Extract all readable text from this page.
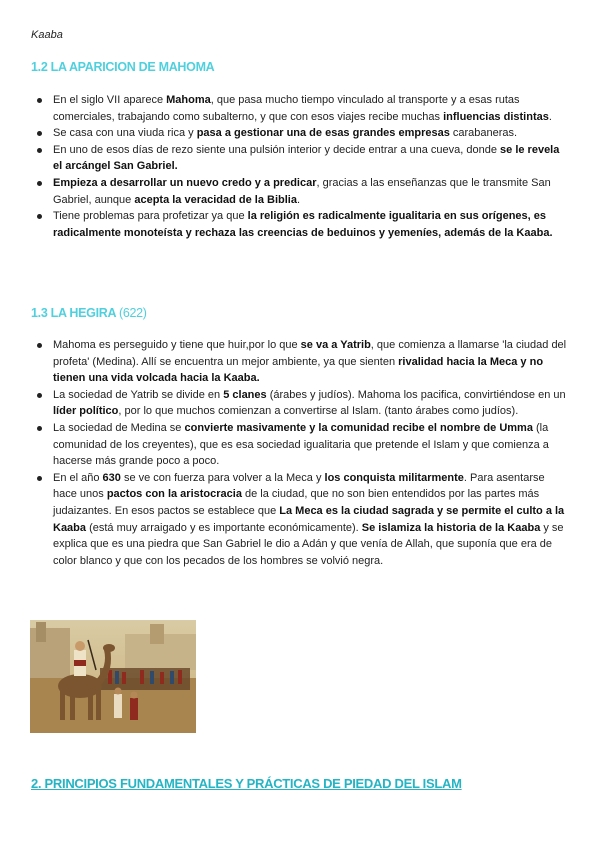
Kaaba
1.2 LA APARICION DE MAHOMA
En el siglo VII aparece Mahoma, que pasa mucho tiempo vinculado al transporte y a esas rutas comerciales, trabajando como subalterno, y que con esos viajes recibe muchas influencias distintas.
Se casa con una viuda rica y pasa a gestionar una de esas grandes empresas carabaneras.
En uno de esos días de rezo siente una pulsión interior y decide entrar a una cueva, donde se le revela el arcángel San Gabriel.
Empieza a desarrollar un nuevo credo y a predicar, gracias a las enseñanzas que le transmite San Gabriel, aunque acepta la veracidad de la Biblia.
Tiene problemas para profetizar ya que la religión es radicalmente igualitaria en sus orígenes, es radicalmente monoteísta y rechaza las creencias de beduinos y yemeníes, además de la Kaaba.
1.3 LA HEGIRA (622)
Mahoma es perseguido y tiene que huir,por lo que se va a Yatrib, que comienza a llamarse 'la ciudad del profeta' (Medina). Allí se encuentra un mejor ambiente, ya que sienten rivalidad hacia la Meca y no tienen una vida volcada hacia la Kaaba.
La sociedad de Yatrib se divide en 5 clanes (árabes y judíos). Mahoma los pacifica, convirtiéndose en un líder político, por lo que muchos comienzan a convertirse al Islam. (tanto árabes como judíos).
La sociedad de Medina se convierte masivamente y la comunidad recibe el nombre de Umma (la comunidad de los creyentes), que es esa sociedad igualitaria que pretende el Islam y que comienza a hacerse más grande poco a poco.
En el año 630 se ve con fuerza para volver a la Meca y los conquista militarmente. Para asentarse hace unos pactos con la aristocracia de la ciudad, que no son bien entendidos por las partes más judaizantes. En esos pactos se establece que La Meca es la ciudad sagrada y se permite el culto a la Kaaba (está muy arraigado y es importante económicamente). Se islamiza la historia de la Kaaba y se explica que es una piedra que San Gabriel le dio a Adán y que venía de Allah, que suponía que era de color blanco y que con los pecados de los hombres se volvió negra.
2. PRINCIPIOS FUNDAMENTALES Y PRÁCTICAS DE PIEDAD DEL ISLAM
